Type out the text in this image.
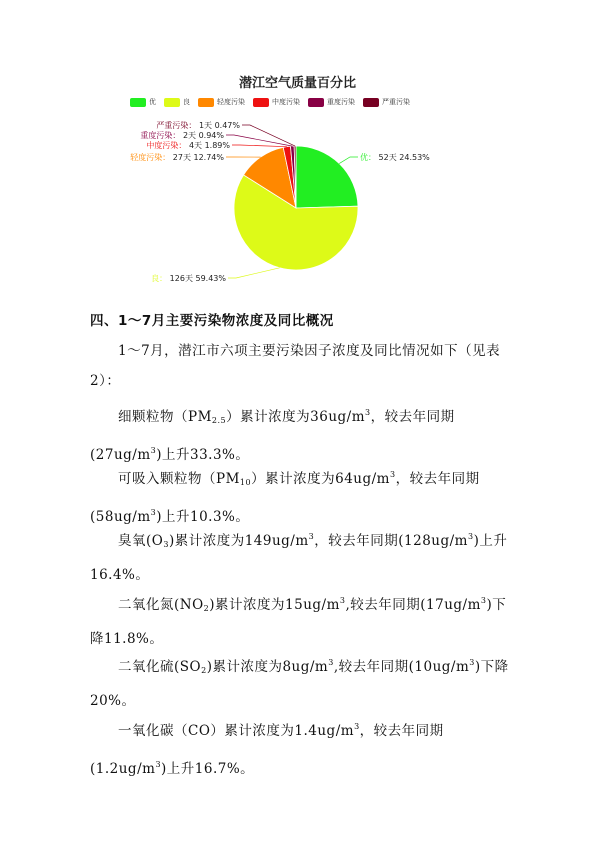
潜江空气质量百分比
优	良	轻度污染	中度污染	重度污染	严重污染
优： 52天 24.53%
良： 126天 59.43%
轻度污染： 27天 12.74%
中度污染： 4天 1.89%
重度污染： 2天 0.94%
严重污染： 1天 0.47%

四、1～7月主要污染物浓度及同比概况

1～7月，潜江市六项主要污染因子浓度及同比情况如下（见表2）：

细颗粒物$(PM_{2.5})$累计浓度为$36ug/m^3$，较去年同期$(27ug/m^3)$上升33.3%。

可吸入颗粒物$(PM_{10})$累计浓度为$64ug/m^3$，较去年同期$(58ug/m^3)$上升10.3%。

臭氧$(O_3)$累计浓度为$149ug/m^3$，较去年同期$(128ug/m^3)$上升16.4%。

二氧化氮$(NO_2)$累计浓度为$15ug/m^3$,较去年同期$(17ug/m^3)$下降11.8%。

二氧化硫$(SO_2)$累计浓度为$8ug/m^3$,较去年同期$(10ug/m^3)$下降20%。

一氧化碳（CO）累计浓度为$1.4ug/m^3$，较去年同期$(1.2ug/m^3)$上升16.7%。
